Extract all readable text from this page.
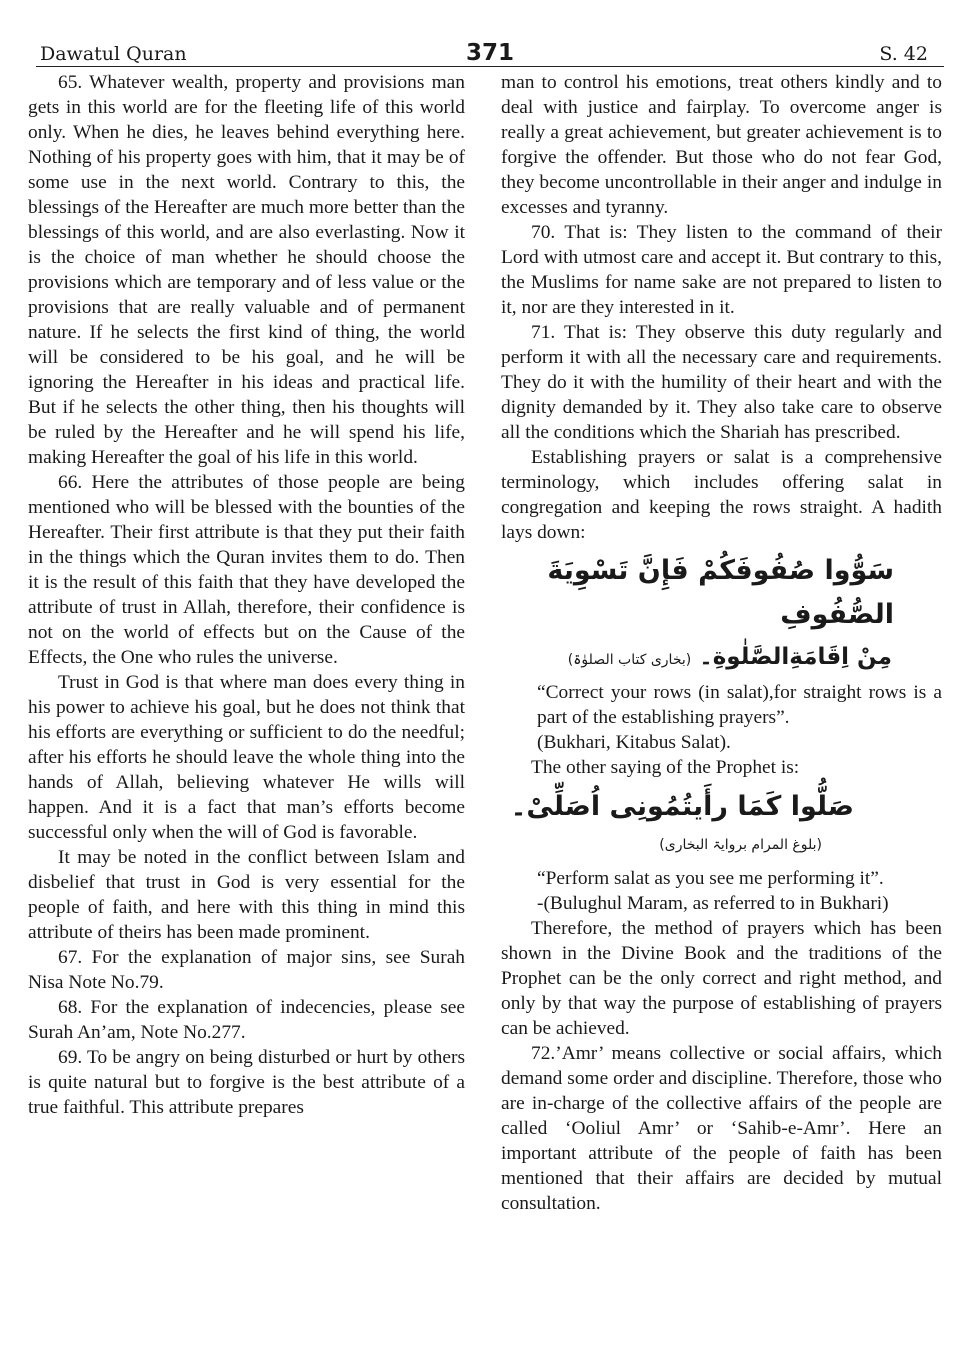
Dawatul Quran	371	S. 42

65. Whatever wealth, property and provisions man gets in this world are for the fleeting life of this world only. When he dies, he leaves behind everything here. Nothing of his property goes with him, that it may be of some use in the next world. Contrary to this, the blessings of the Hereafter are much more better than the blessings of this world, and are also everlasting. Now it is the choice of man whether he should choose the provisions which are temporary and of less value or the provisions that are really valuable and of permanent nature. If he selects the first kind of thing, the world will be considered to be his goal, and he will be ignoring the Hereafter in his ideas and practical life. But if he selects the other thing, then his thoughts will be ruled by the Hereafter and he will spend his life, making Hereafter the goal of his life in this world.

66. Here the attributes of those people are being mentioned who will be blessed with the bounties of the Hereafter. Their first attribute is that they put their faith in the things which the Quran invites them to do. Then it is the result of this faith that they have developed the attribute of trust in Allah, therefore, their confidence is not on the world of effects but on the Cause of the Effects, the One who rules the universe.

Trust in God is that where man does every thing in his power to achieve his goal, but he does not think that his efforts are everything or sufficient to do the needful; after his efforts he should leave the whole thing into the hands of Allah, believing whatever He wills will happen. And it is a fact that man’s efforts become successful only when the will of God is favorable.

It may be noted in the conflict between Islam and disbelief that trust in God is very essential for the people of faith, and here with this thing in mind this attribute of theirs has been made prominent.

67. For the explanation of major sins, see Surah Nisa Note No.79.

68. For the explanation of indecencies, please see Surah An’am, Note No.277.

69. To be angry on being disturbed or hurt by others is quite natural but to forgive is the best attribute of a true faithful. This attribute prepares

man to control his emotions, treat others kindly and to deal with justice and fairplay. To overcome anger is really a great achievement, but greater achievement is to forgive the offender. But those who do not fear God, they become uncontrollable in their anger and indulge in excesses and tyranny.

70. That is: They listen to the command of their Lord with utmost care and accept it. But contrary to this, the Muslims for name sake are not prepared to listen to it, nor are they interested in it.

71. That is: They observe this duty regularly and perform it with all the necessary care and requirements. They do it with the humility of their heart and with the dignity demanded by it. They also take care to observe all the conditions which the Shariah has prescribed.

Establishing prayers or salat is a comprehensive terminology, which includes offering salat in congregation and keeping the rows straight. A hadith lays down:

سَوُّوا صُفُوفَكُمْ فَإِنَّ تَسْوِيَةَ الصُّفُوفِ
مِنْ اِقَامَةِالصَّلٰوةِ۔ (بخاری کتاب الصلوٰۃ)

“Correct your rows (in salat),for straight rows is a part of the establishing prayers”.
(Bukhari, Kitabus Salat).

The other saying of the Prophet is:

صَلُّوا كَمَا رأَيتُمُونِى اُصَلِّىْ۔
(بلوغ المرام بروایۃ البخاری)

“Perform salat as you see me performing it”.
-(Bulughul Maram, as referred to in Bukhari)

Therefore, the method of prayers which has been shown in the Divine Book and the traditions of the Prophet can be the only correct and right method, and only by that way the purpose of establishing of prayers can be achieved.

72.’Amr’ means collective or social affairs, which demand some order and discipline. Therefore, those who are in-charge of the collective affairs of the people are called ‘Ooliul Amr’ or ‘Sahib-e-Amr’. Here an important attribute of the people of faith has been mentioned that their affairs are decided by mutual consultation.
